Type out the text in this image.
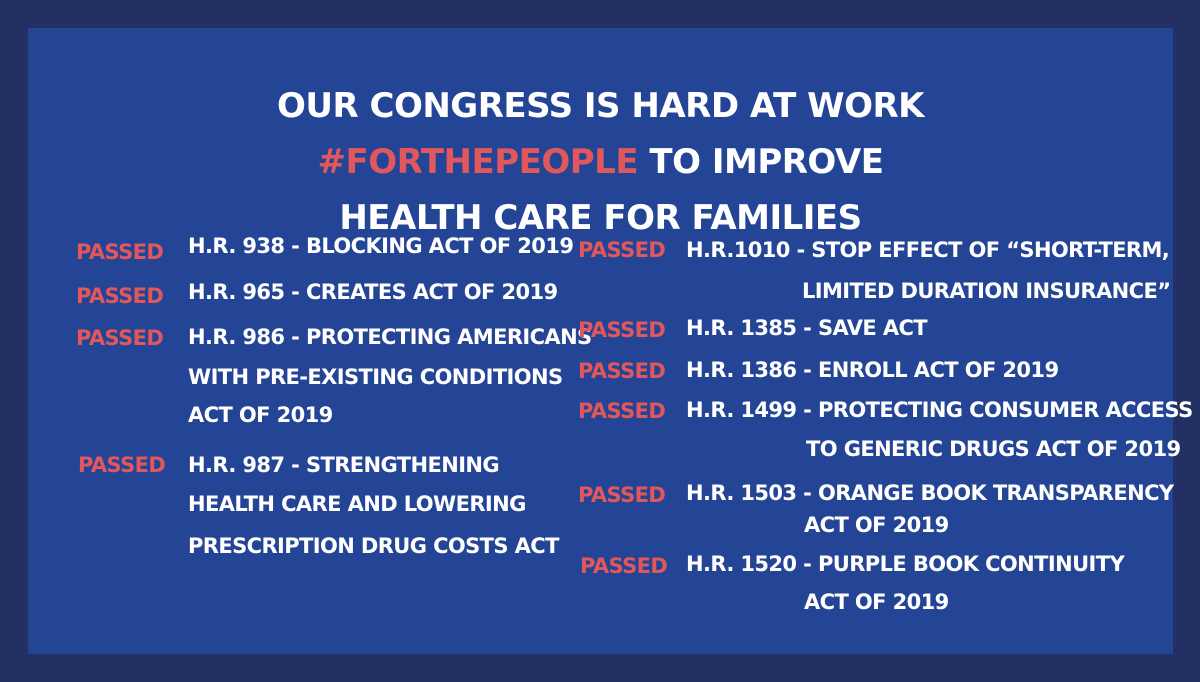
OUR CONGRESS IS HARD AT WORK
#FORTHEPEOPLE TO IMPROVE
HEALTH CARE FOR FAMILIES
PASSED H.R. 938 - BLOCKING ACT OF 2019
PASSED H.R. 965 - CREATES ACT OF 2019
PASSED H.R. 986 - PROTECTING AMERICANS
WITH PRE-EXISTING CONDITIONS
ACT OF 2019
PASSED H.R. 987 - STRENGTHENING
HEALTH CARE AND LOWERING
PRESCRIPTION DRUG COSTS ACT
PASSED H.R.1010 - STOP EFFECT OF “SHORT-TERM,
LIMITED DURATION INSURANCE”
PASSED H.R. 1385 - SAVE ACT
PASSED H.R. 1386 - ENROLL ACT OF 2019
PASSED H.R. 1499 - PROTECTING CONSUMER ACCESS
TO GENERIC DRUGS ACT OF 2019
PASSED H.R. 1503 - ORANGE BOOK TRANSPARENCY
ACT OF 2019
PASSED H.R. 1520 - PURPLE BOOK CONTINUITY
ACT OF 2019
